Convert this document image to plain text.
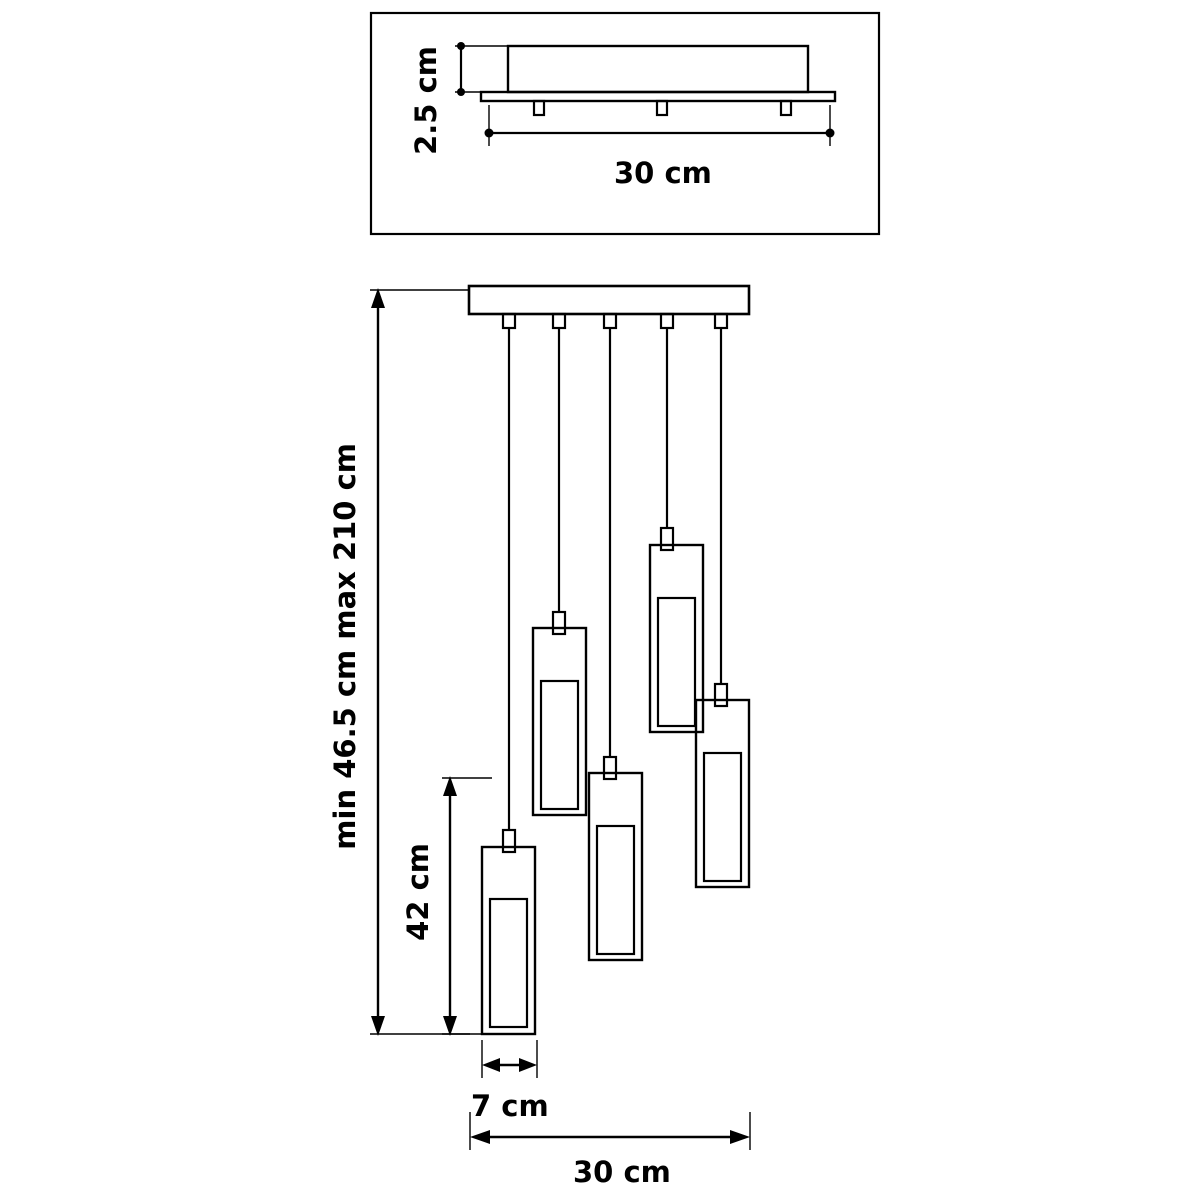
2.5 cm
30 cm
min 46.5 cm max 210 cm
42 cm
7 cm
30 cm
